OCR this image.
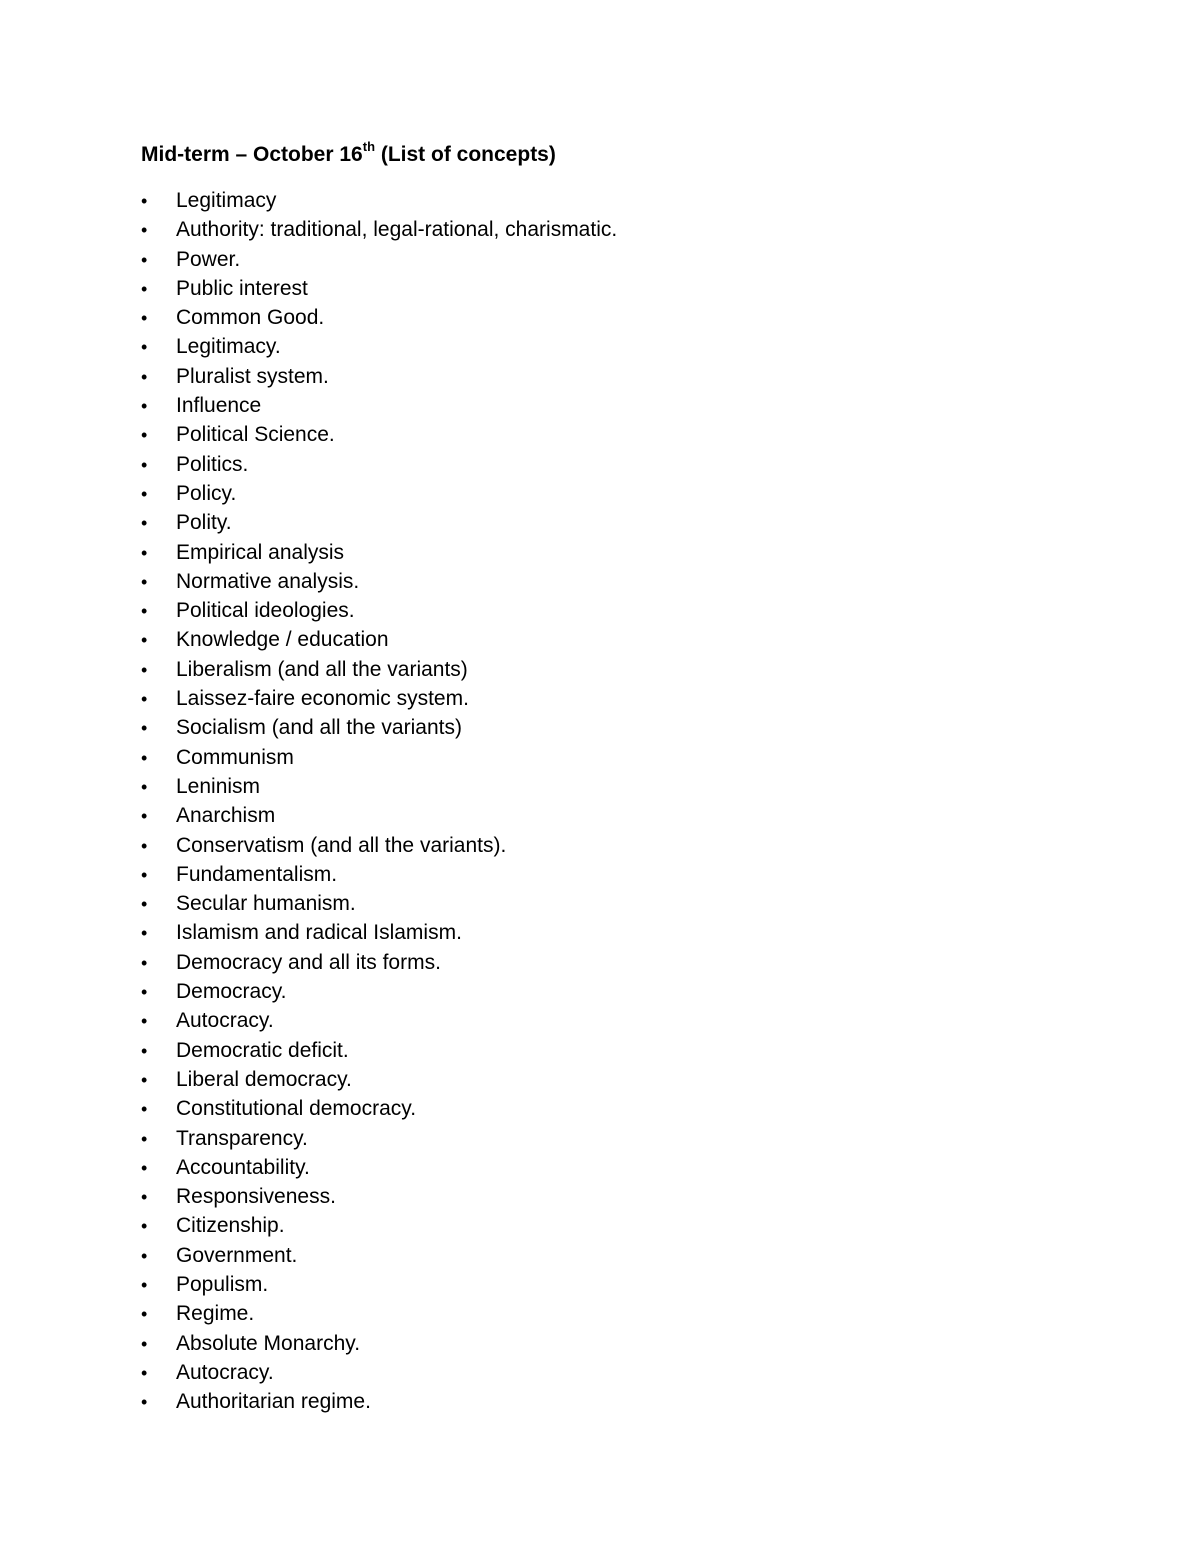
Mid-term – October 16th (List of concepts)
• Legitimacy
• Authority: traditional, legal-rational, charismatic.
• Power.
• Public interest
• Common Good.
• Legitimacy.
• Pluralist system.
• Influence
• Political Science.
• Politics.
• Policy.
• Polity.
• Empirical analysis
• Normative analysis.
• Political ideologies.
• Knowledge / education
• Liberalism (and all the variants)
• Laissez-faire economic system.
• Socialism (and all the variants)
• Communism
• Leninism
• Anarchism
• Conservatism (and all the variants).
• Fundamentalism.
• Secular humanism.
• Islamism and radical Islamism.
• Democracy and all its forms.
• Democracy.
• Autocracy.
• Democratic deficit.
• Liberal democracy.
• Constitutional democracy.
• Transparency.
• Accountability.
• Responsiveness.
• Citizenship.
• Government.
• Populism.
• Regime.
• Absolute Monarchy.
• Autocracy.
• Authoritarian regime.
